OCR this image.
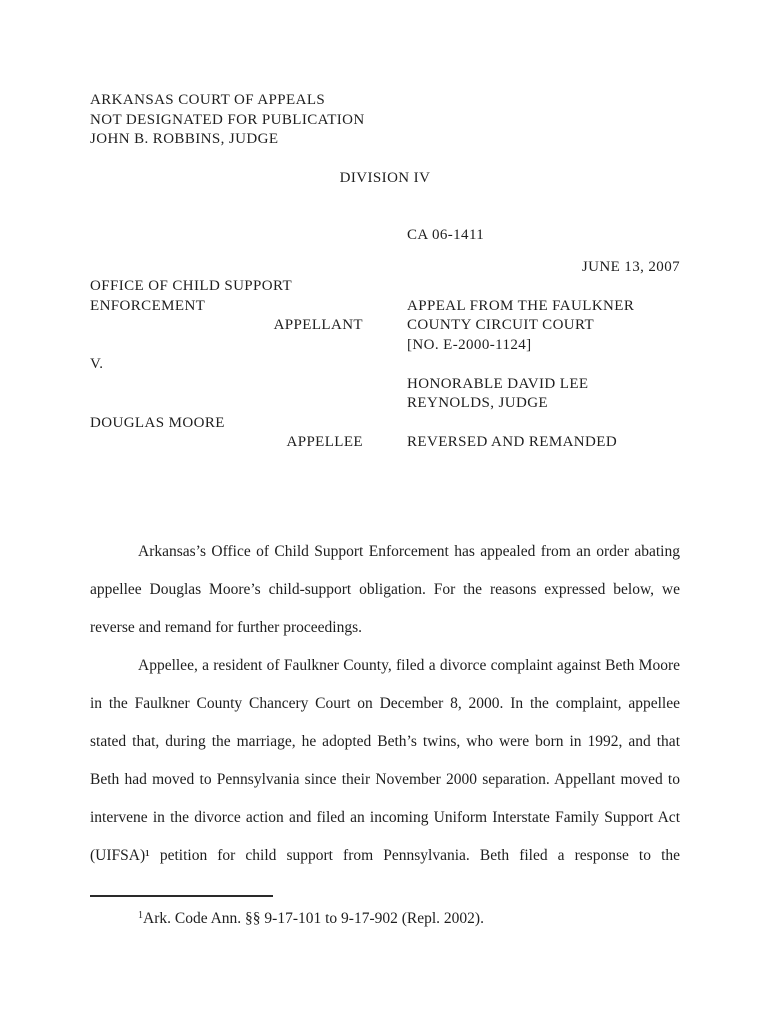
ARKANSAS COURT OF APPEALS
NOT DESIGNATED FOR PUBLICATION
JOHN B. ROBBINS, JUDGE
DIVISION IV
CA 06-1411
JUNE 13, 2007
OFFICE OF CHILD SUPPORT
ENFORCEMENT
APPELLANT
V.
DOUGLAS MOORE
APPELLEE
APPEAL FROM THE FAULKNER
COUNTY CIRCUIT COURT
[NO. E-2000-1124]
HONORABLE DAVID LEE
REYNOLDS, JUDGE
REVERSED AND REMANDED

Arkansas’s Office of Child Support Enforcement has appealed from an order abating appellee Douglas Moore’s child-support obligation. For the reasons expressed below, we reverse and remand for further proceedings.

Appellee, a resident of Faulkner County, filed a divorce complaint against Beth Moore in the Faulkner County Chancery Court on December 8, 2000. In the complaint, appellee stated that, during the marriage, he adopted Beth’s twins, who were born in 1992, and that Beth had moved to Pennsylvania since their November 2000 separation. Appellant moved to intervene in the divorce action and filed an incoming Uniform Interstate Family Support Act (UIFSA)¹ petition for child support from Pennsylvania. Beth filed a response to the

$^1$Ark. Code Ann. §§ 9-17-101 to 9-17-902 (Repl. 2002).
